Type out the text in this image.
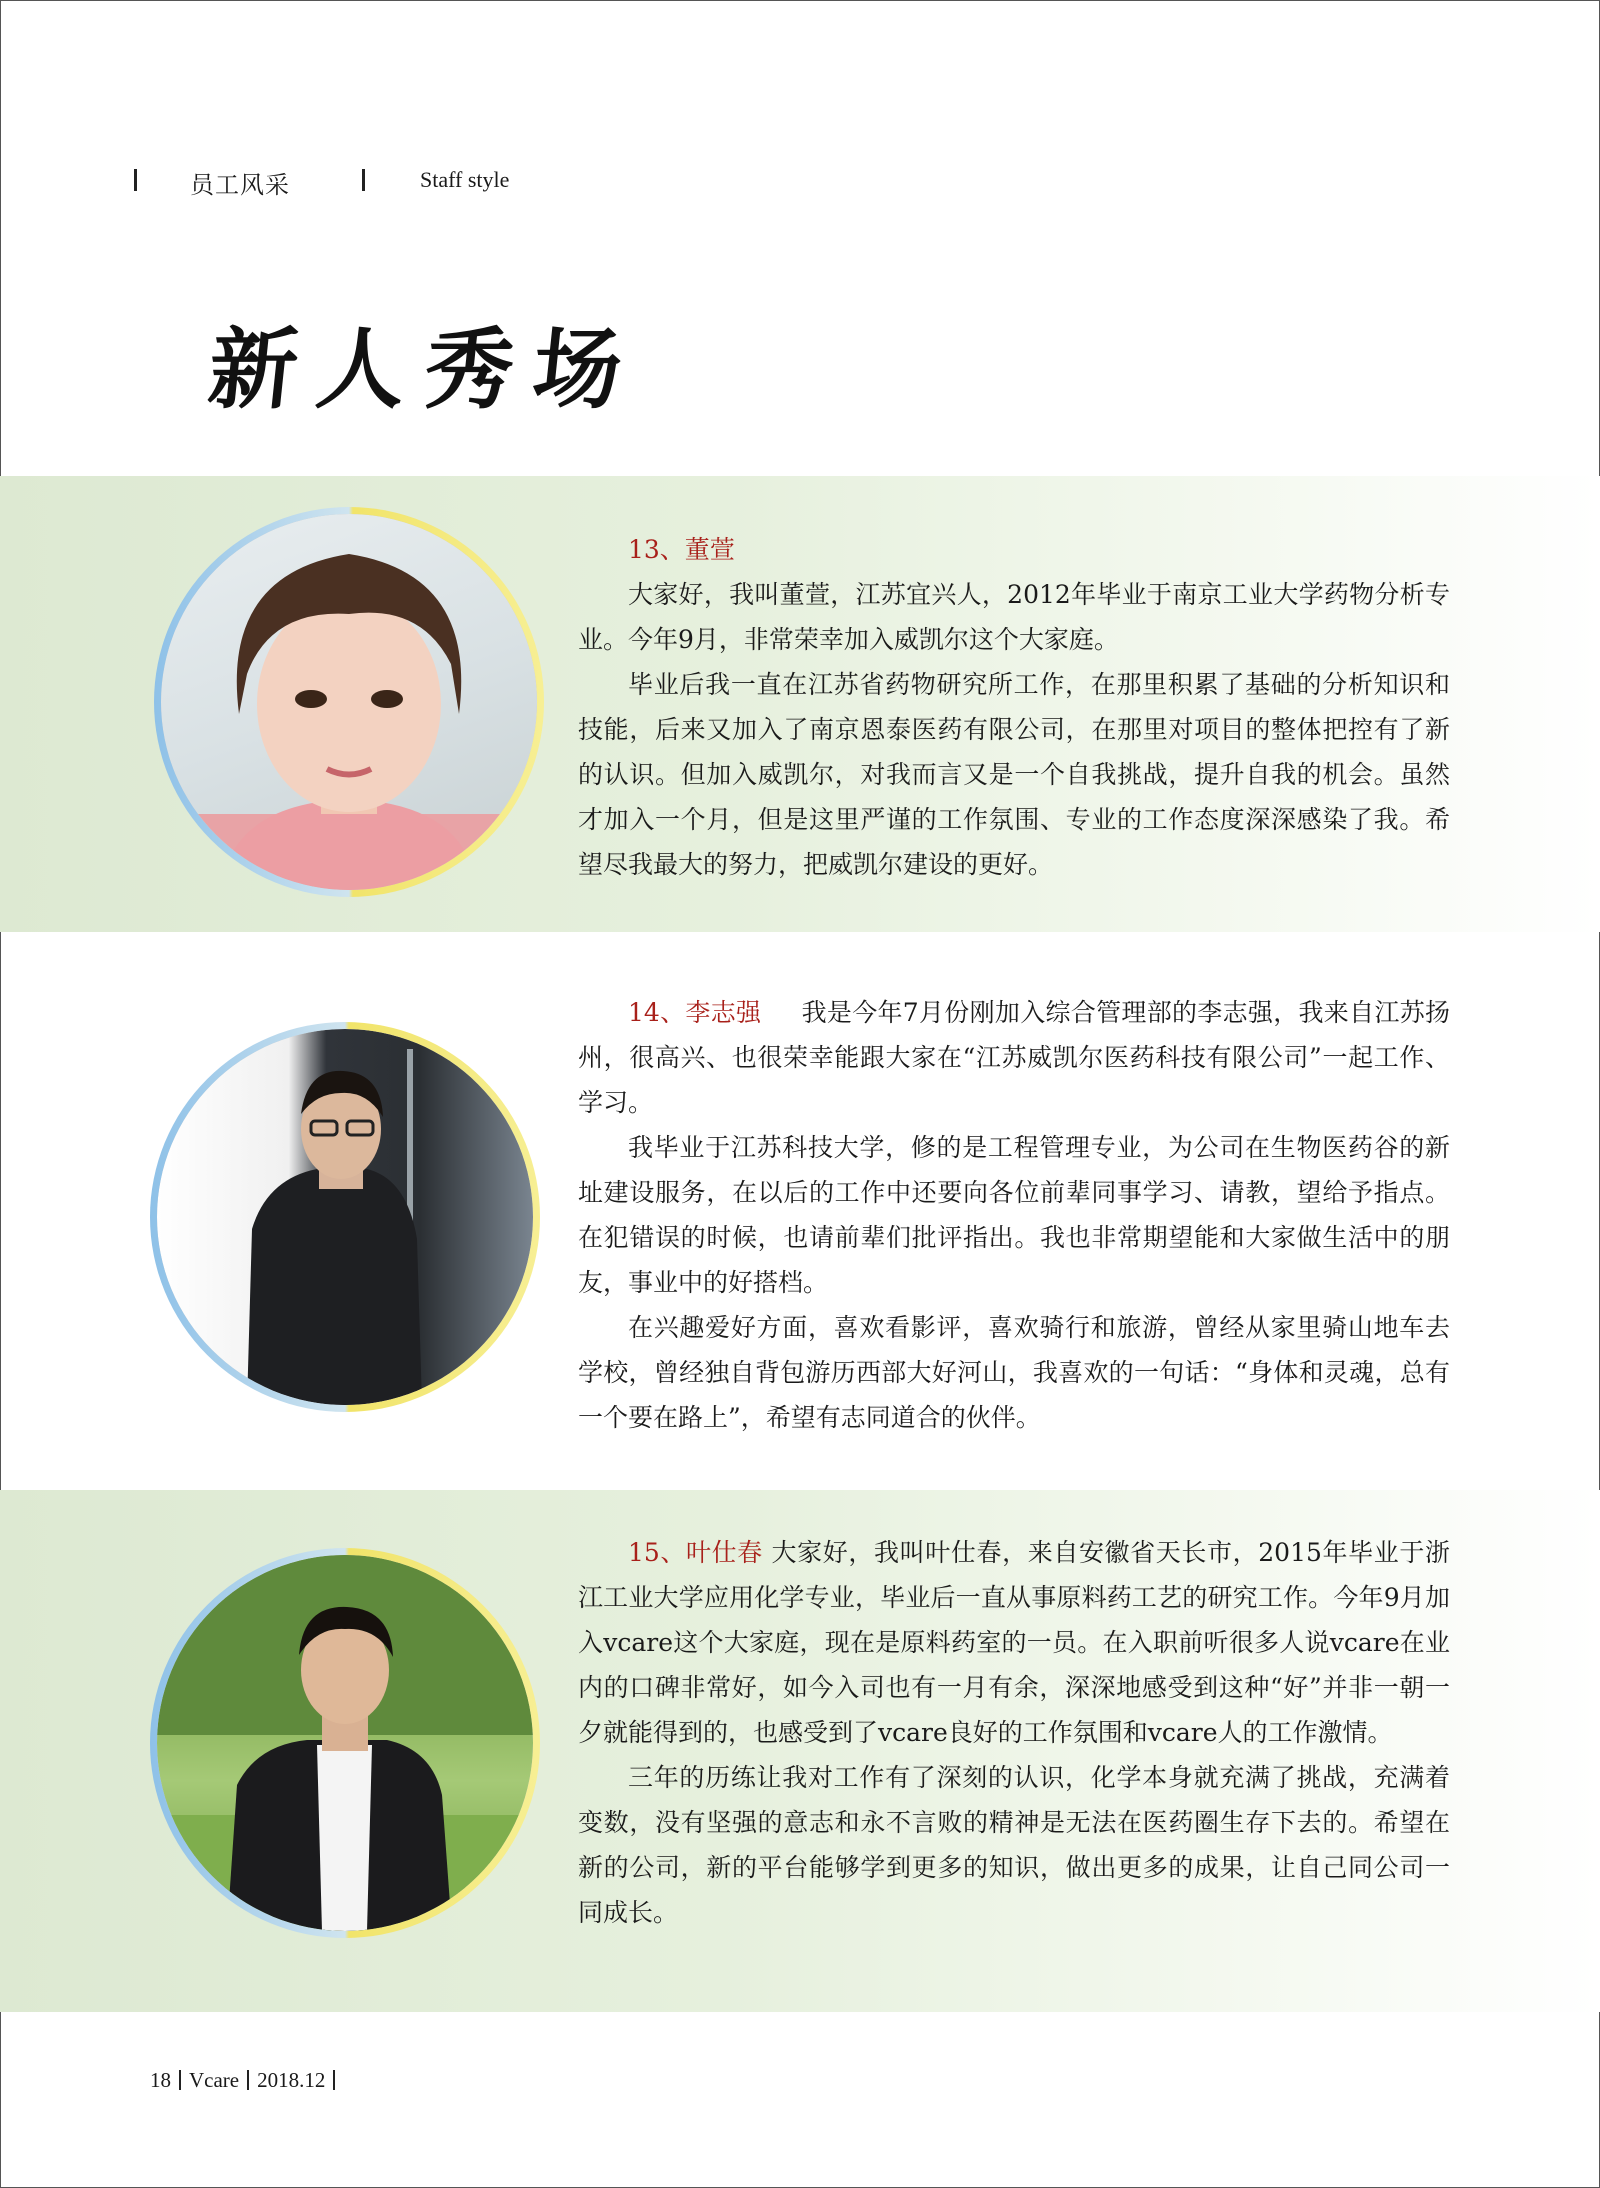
员工风采	Staff style
新人秀场

13、董萱

大家好，我叫董萱，江苏宜兴人，2012年毕业于南京工业大学药物分析专业。今年9月，非常荣幸加入威凯尔这个大家庭。

毕业后我一直在江苏省药物研究所工作，在那里积累了基础的分析知识和技能，后来又加入了南京恩泰医药有限公司，在那里对项目的整体把控有了新的认识。但加入威凯尔，对我而言又是一个自我挑战，提升自我的机会。虽然才加入一个月，但是这里严谨的工作氛围、专业的工作态度深深感染了我。希望尽我最大的努力，把威凯尔建设的更好。

14、李志强 我是今年7月份刚加入综合管理部的李志强，我来自江苏扬州，很高兴、也很荣幸能跟大家在“江苏威凯尔医药科技有限公司”一起工作、学习。

我毕业于江苏科技大学，修的是工程管理专业，为公司在生物医药谷的新址建设服务，在以后的工作中还要向各位前辈同事学习、请教，望给予指点。在犯错误的时候，也请前辈们批评指出。我也非常期望能和大家做生活中的朋友，事业中的好搭档。

在兴趣爱好方面，喜欢看影评，喜欢骑行和旅游，曾经从家里骑山地车去学校，曾经独自背包游历西部大好河山，我喜欢的一句话：“身体和灵魂，总有一个要在路上”，希望有志同道合的伙伴。

15、叶仕春 大家好，我叫叶仕春，来自安徽省天长市，2015年毕业于浙江工业大学应用化学专业，毕业后一直从事原料药工艺的研究工作。今年9月加入vcare这个大家庭，现在是原料药室的一员。在入职前听很多人说vcare在业内的口碑非常好，如今入司也有一月有余，深深地感受到这种“好”并非一朝一夕就能得到的，也感受到了vcare良好的工作氛围和vcare人的工作激情。

三年的历练让我对工作有了深刻的认识，化学本身就充满了挑战，充满着变数，没有坚强的意志和永不言败的精神是无法在医药圈生存下去的。希望在新的公司，新的平台能够学到更多的知识，做出更多的成果，让自己同公司一同成长。

18 Vcare 2018.12
